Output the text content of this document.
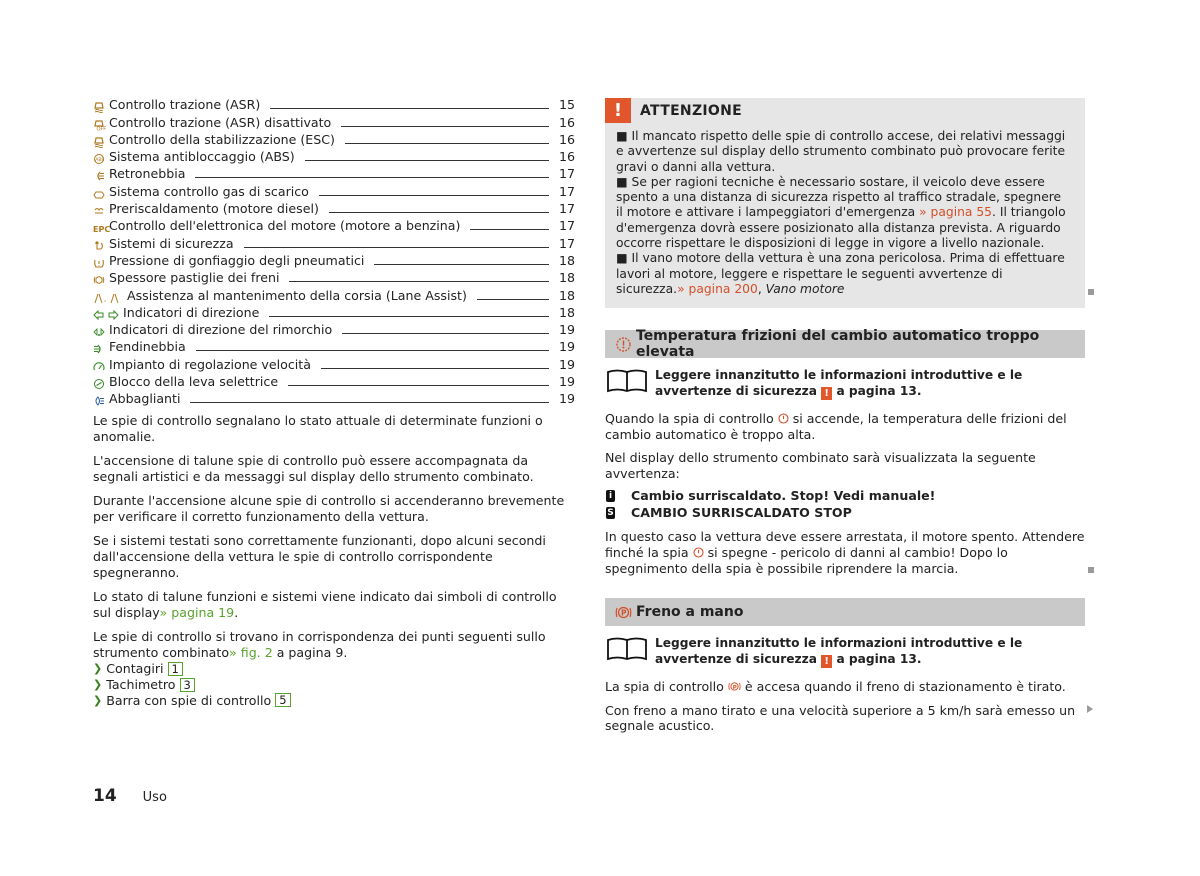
Controllo trazione (ASR)	15
OFF Controllo trazione (ASR) disattivato	16
Controllo della stabilizzazione (ESC)	16
ABS Sistema antibloccaggio (ABS)	16
Retronebbia	17
Sistema controllo gas di scarico	17
Preriscaldamento (motore diesel)	17
EPC
Controllo dell'elettronica del motore (motore a benzina)	17
Sistemi di sicurezza	17
Pressione di gonfiaggio degli pneumatici	18
Spessore pastiglie dei freni	18
, Assistenza al mantenimento della corsia (Lane Assist)	18
Indicatori di direzione	18
Indicatori di direzione del rimorchio	19
Fendinebbia	19
Impianto di regolazione velocità	19
Blocco della leva selettrice	19
Abbaglianti	19

Le spie di controllo segnalano lo stato attuale di determinate funzioni o anomalie.

L'accensione di talune spie di controllo può essere accompagnata da segnali artistici e da messaggi sul display dello strumento combinato.

Durante l'accensione alcune spie di controllo si accenderanno brevemente per verificare il corretto funzionamento della vettura.

Se i sistemi testati sono correttamente funzionanti, dopo alcuni secondi dall'accensione della vettura le spie di controllo corrispondente spegneranno.

Lo stato di talune funzioni e sistemi viene indicato dai simboli di controllo sul display» pagina 19.

Le spie di controllo si trovano in corrispondenza dei punti seguenti sullo strumento combinato» fig. 2 a pagina 9.

❯ Contagiri 1
❯ Tachimetro 3
❯ Barra con spie di controllo 5
!	ATTENZIONE
■ Il mancato rispetto delle spie di controllo accese, dei relativi messaggi e avvertenze sul display dello strumento combinato può provocare ferite gravi o danni alla vettura.
■ Se per ragioni tecniche è necessario sostare, il veicolo deve essere spento a una distanza di sicurezza rispetto al traffico stradale, spegnere il motore e attivare i lampeggiatori d'emergenza » pagina 55. Il triangolo d'emergenza dovrà essere posizionato alla distanza prevista. A riguardo occorre rispettare le disposizioni di legge in vigore a livello nazionale.
■ Il vano motore della vettura è una zona pericolosa. Prima di effettuare lavori al motore, leggere e rispettare le seguenti avvertenze di sicurezza.» pagina 200, Vano motore
Temperatura frizioni del cambio automatico troppo elevata
Leggere innanzitutto le informazioni introduttive e le avvertenze di sicurezza ! a pagina 13.
Quando la spia di controllo si accende, la temperatura delle frizioni del cambio automatico è troppo alta.
Nel display dello strumento combinato sarà visualizzata la seguente avvertenza:
i Cambio surriscaldato. Stop! Vedi manuale!
S CAMBIO SURRISCALDATO STOP
In questo caso la vettura deve essere arrestata, il motore spento. Attendere finché la spia si spegne - pericolo di danni al cambio! Dopo lo spegnimento della spia è possibile riprendere la marcia.
P Freno a mano
Leggere innanzitutto le informazioni introduttive e le avvertenze di sicurezza ! a pagina 13.
La spia di controllo P è accesa quando il freno di stazionamento è tirato.
Con freno a mano tirato e una velocità superiore a 5 km/h sarà emesso un segnale acustico.
14 Uso
